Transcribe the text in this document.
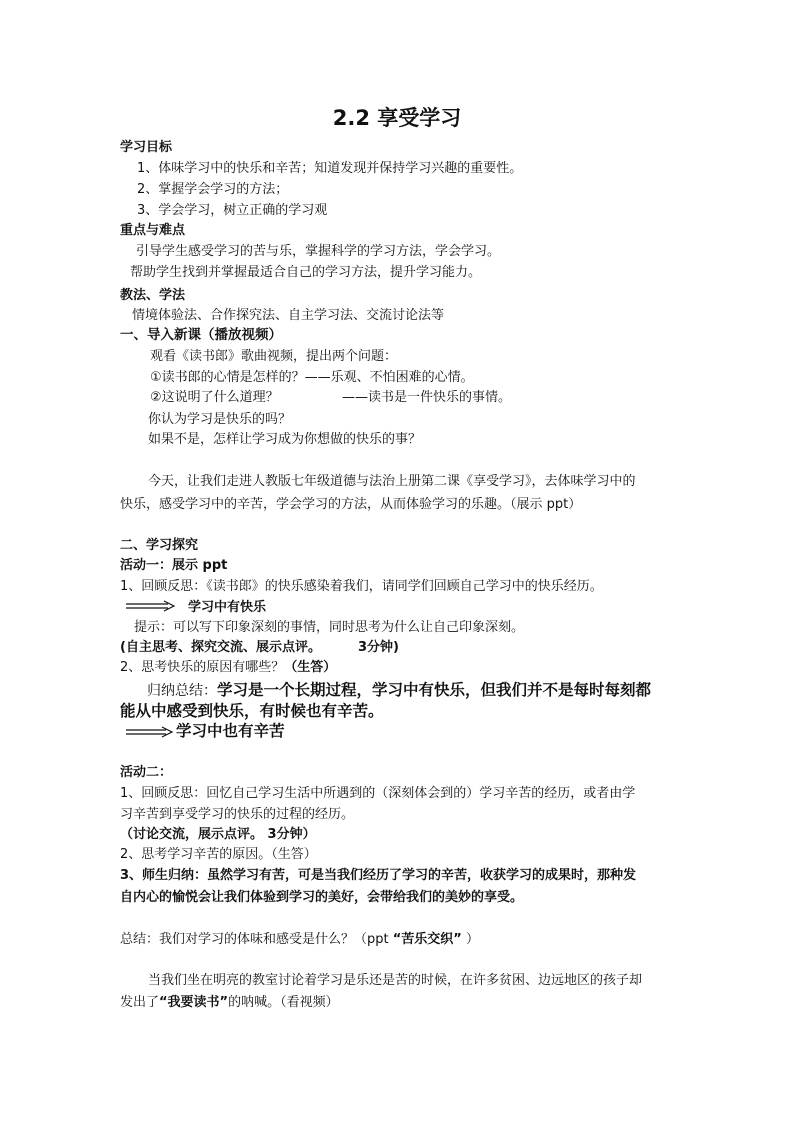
2.2 享受学习
学习目标
1、体味学习中的快乐和辛苦；知道发现并保持学习兴趣的重要性。
2、掌握学会学习的方法；
3、学会学习，树立正确的学习观
重点与难点
引导学生感受学习的苦与乐，掌握科学的学习方法，学会学习。
帮助学生找到并掌握最适合自己的学习方法，提升学习能力。
教法、学法
情境体验法、合作探究法、自主学习法、交流讨论法等
一、导入新课（播放视频）
观看《读书郎》歌曲视频，提出两个问题：
①读书郎的心情是怎样的？——乐观、不怕困难的心情。
②这说明了什么道理？	——读书是一件快乐的事情。
你认为学习是快乐的吗？
如果不是，怎样让学习成为你想做的快乐的事？
今天，让我们走进人教版七年级道德与法治上册第二课《享受学习》，去体味学习中的
快乐，感受学习中的辛苦，学会学习的方法，从而体验学习的乐趣。（展示 ppt）
二、学习探究
活动一：展示 ppt
1、回顾反思：《读书郎》的快乐感染着我们，请同学们回顾自己学习中的快乐经历。
学习中有快乐
提示：可以写下印象深刻的事情，同时思考为什么让自己印象深刻。
(自主思考、探究交流、展示点评。	3分钟)
2、思考快乐的原因有哪些？（生答）
归纳总结：学习是一个长期过程，学习中有快乐，但我们并不是每时每刻都
能从中感受到快乐，有时候也有辛苦。
学习中也有辛苦
活动二：
1、回顾反思：回忆自己学习生活中所遇到的（深刻体会到的）学习辛苦的经历，或者由学
习辛苦到享受学习的快乐的过程的经历。
（讨论交流，展示点评。 3分钟）
2、思考学习辛苦的原因。（生答）
3、师生归纳：虽然学习有苦，可是当我们经历了学习的辛苦，收获学习的成果时，那种发
自内心的愉悦会让我们体验到学习的美好，会带给我们的美妙的享受。
总结：我们对学习的体味和感受是什么？（ppt “苦乐交织” ）
当我们坐在明亮的教室讨论着学习是乐还是苦的时候，在许多贫困、边远地区的孩子却
发出了“我要读书”的呐喊。（看视频）
